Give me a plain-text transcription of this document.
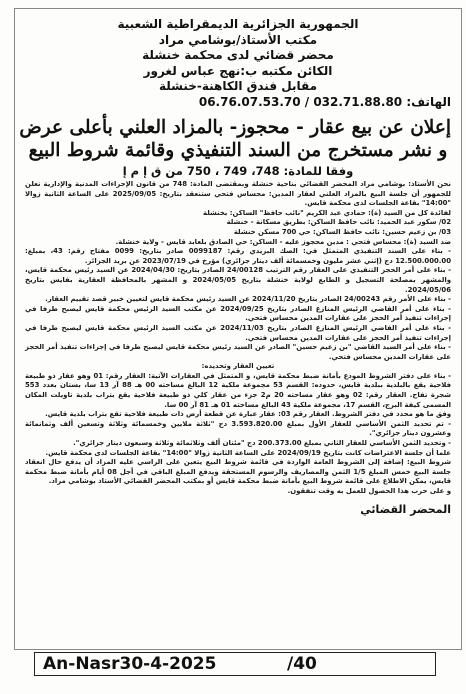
الجمهورية الجزائرية الديمقراطية الشعبية
مكتب الأستاذ/بوشامي مراد
محضر قضائي لدى محكمة خنشلة
الكائن مكتبه ب:نهج عباس لغرور
مقابل فندق الكاهنة-خنشلة
الهاتف: 06.76.07.53.70 / 032.71.88.80
إعلان عن بيع عقار - محجوز- بالمزاد العلني بأعلى عرض
و نشر مستخرج من السند التنفيذي وقائمة شروط البيع
وفقا للمادة: 748، 749 ، 750 من ق إ م إ

نحن الأستاذ: بوشامي مراد المحضر القضائي بناحية خنشلة وبمقتضى المادة: 748 من قانون الإجراءات المدنية والإدارية نعلن للجمهور أن جلسة البيع بالمزاد العلني لعقار المدين: محساس فتحي ستنعقد بتاريخ: 2025/09/05 على الساعة الثانية زوالا "14:00" بقاعة الجلسات لدى محكمة قايس.

لفائدة كل من السيد (ة): حمادي عبد الكريم "نائب حافظ" الساكن: بخنشلة

02/ سكور عبد الحميد: نائب حافظ الساكن: بطريق مسكانة - خنشلة

03/ بن زعيم حسين: نائب حافظ الساكن: حي 700 مسكن خنشلة

ضد السيد (ة): محساس فتحي : مدين محجوز عليه - الساكن: حي الصادق بلعابد قايس - ولاية خنشلة.

- بناء على السند التنفيذي المتمثل في: الصك البريدي رقم: 0099187 صادر بتاريخ: 0099 مفتاح رقم: 43، بمبلغ: 12.500.000.00 دج (إثني عشر مليون وخمسمائة ألف دينار جزائري) مؤرخ في 2023/07/19 عن بريد الجزائر.

- بناء على أمر الحجز التنفيذي على العقار رقم الترتيب 24/00128 الصادر بتاريخ: 2024/04/30 عن السيد رئيس محكمة قايس، والمشهر بمصلحة التسجيل و الطابع لولاية خنشلة بتاريخ 2024/05/05 و المشهر بالمحافظة العقارية بقايس بتاريخ 2024/05/06.

- بناء على الأمر رقم 24/00243 الصادر بتاريخ 2024/11/20 عن السيد رئيس محكمة قايس لتعيين خبير قصد تقييم العقار.

- بناء على أمر القاضي الرئيس المنازع الصادر بتاريخ 2024/09/25 عن مكتب السيد الرئيس محكمة قايس ليصبح طرفا في إجراءات تنفيذ أمر الحجز على عقارات المدين محساس فتحي.

- بناء على أمر القاضي الرئيس المنازع الصادر بتاريخ 2024/11/03 عن مكتب السيد الرئيس محكمة قايس ليصبح طرفا في إجراءات تنفيذ أمر الحجز على عقارات المدين محساس فتحي.

- بناء على أمر السيد القاضي "بن زعيم حسين" الصادر عن السيد رئيس محكمة قايس ليصبح طرفا في إجراءات تنفيذ أمر الحجز على عقارات المدين محساس فتحي.

تعيين العقار وتحديده:

- بناء على دفتر الشروط المودع بأمانة ضبط محكمة قايس، و المتمثل في العقارات الآتية: العقار رقم: 01 وهو عقار ذو طبيعة فلاحية يقع بالبلدية ببلدية قايس، حدوده: القسم 53 مجموعة ملكية 12 البالغ مساحته 00 هـ 88 آر 13 سا، بستان بعدد 553 شجرة تفاح. العقار رقم: 02 وهو عقار مساحته 20 م2 جزء من عقار كلي ذو طبيعة فلاحية يقع بتراب بلدية تاويلت المكان المسمى كيفة البرج، القسم 17، مجموعة ملكية 43 البالغ مساحته 01 هـ 81 آر 00 سا.

وفق ما هو محدد في دفتر الشروط. العقار رقم 03: عقار عبارة عن قطعة أرض ذات طبيعة فلاحية تقع بتراب بلدية قايس.

- تم تحديد الثمن الأساسي للعقار الأول بمبلغ 3.593.820.00 دج "ثلاثة ملايين وخمسمائة وثلاثة وتسعين ألف وثمانمائة وعشرون دينار جزائري".

- وتحديد الثمن الأساسي للعقار الثاني بمبلغ 200.373.00 دج "مئتان ألف وثلاثمائة وثلاثة وسبعون دينار جزائري".

علما أن جلسة الاعتراضات كانت بتاريخ 2024/09/19 على الساعة الثانية زوالا "14:00" بقاعة الجلسات لدى محكمة قايس.

شروط البيع: إضافة إلى الشروط العامة الواردة في قائمة شروط البيع يتعين على الراسي عليه المزاد أن يدفع حال انعقاد جلسة البيع خمس المبلغ 1/5 الثمن والمصاريف والرسوم المستحقة ويدفع المبلغ الباقي في أجل 08 أيام بأمانة ضبط محكمة قايس، يمكن الاطلاع على قائمة شروط البيع بأمانة ضبط محكمة قايس أو بمكتب المحضر القضائي الأستاذ بوشامي مراد.

و على حرب هذا الحصول للعمل به وقت تنفقون.

المحضر القضائي
An-Nasr30-4-2025	/40
